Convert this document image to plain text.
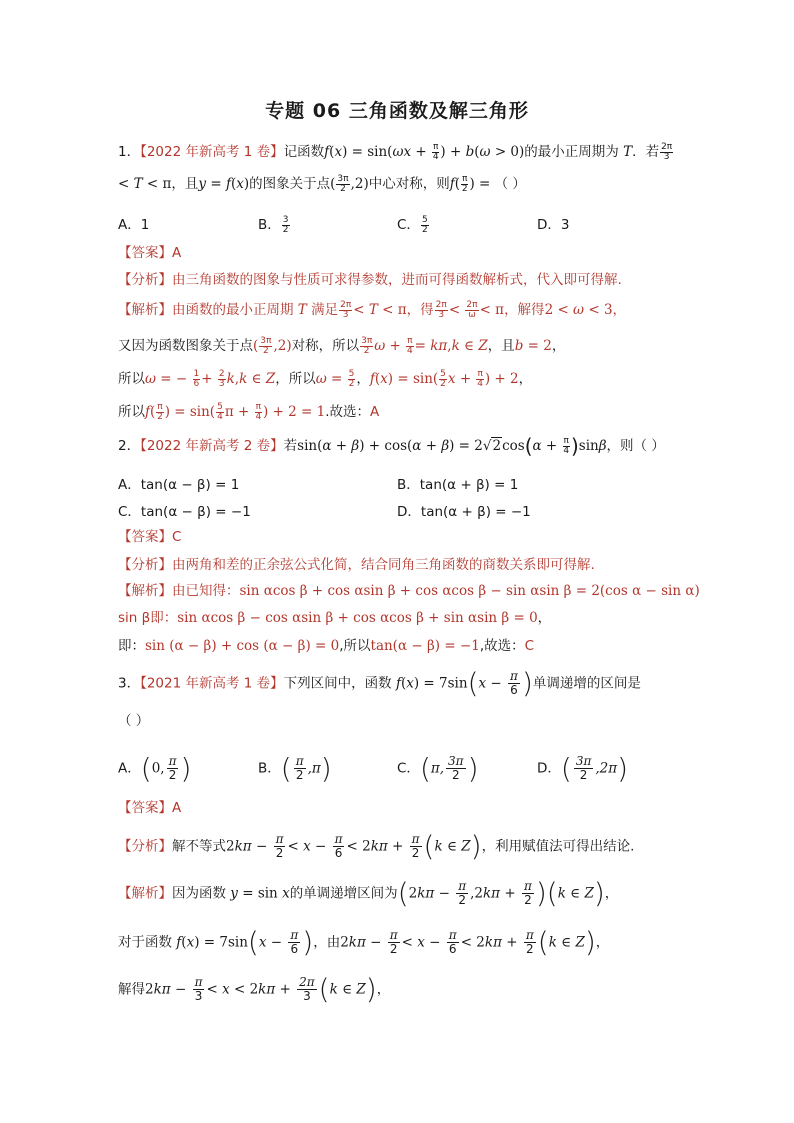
专题 06 三角函数及解三角形
1．【2022 年新高考 1 卷】记函数$f(x) = \sin(\omega x + \frac{\pi}{4}$ ) + b(ω > 0)的最小正周期为 T．若 $\frac{2\pi}{3}$
< T < π，且y = f(x)的图象关于点( $\frac{3\pi}{2} ,2$)中心对称，则$f( \frac{\pi}{2}$ ) = （ ）
A．1	B． $\frac{3}{2}$	C． $\frac{5}{2}$	D．3
【答案】A
【分析】由三角函数的图象与性质可求得参数，进而可得函数解析式，代入即可得解.
【解析】由函数的最小正周期 T 满足 $\frac{2\pi}{3} < T < \pi$，得 $\frac{2\pi}{3} < \frac{2\pi}{\omega} < \pi$，解得2 < ω < 3，
又因为函数图象关于点( $\frac{3\pi}{2} ,2$)对称，所以 $\frac{3\pi}{2}$ $\omega + \frac{\pi}{4} = k\pi,k$ ∈ Z，且b = 2，
所以ω = − $\frac{1}{6} + \frac{2}{3} k,k$ ∈ Z，所以$\omega = \frac{5}{2}$ ，$f(x) = \sin( \frac{5}{2}$ $x + \frac{\pi}{4}$ ) + 2，
所以$f( \frac{\pi}{2}$ ) = $\sin( \frac{5}{4}$ $\pi + \frac{\pi}{4}$ ) + 2 = 1.故选：A
2．【2022 年新高考 2 卷】若$\sin(\alpha + \beta) + \cos(\alpha + \beta) = 2√2\cos(\alpha + \frac{\pi}{4} )\sin\beta$，则（ ）
A．tan(α − β) = 1	B．tan(α + β) = 1
C．tan(α − β) = −1	D．tan(α + β) = −1
【答案】C
【分析】由两角和差的正余弦公式化简，结合同角三角函数的商数关系即可得解.
【解析】由已知得：sin αcos β + cos αsin β + cos αcos β − sin αsin β = 2(cos α − sin α)
sin β即：sin αcos β − cos αsin β + cos αcos β + sin αsin β = 0，
即：sin (α − β) + cos (α − β) = 0,所以tan(α − β) = −1,故选：C
3．【2021 年新高考 1 卷】下列区间中，函数 $f(x) = 7\sin(x - \frac{\pi}{6}$ )单调递增的区间是
（ ）
A．(0, $\frac{\pi}{2}$ )	B．( $\frac{\pi}{2} ,\pi$)	C．(π, $\frac{3\pi}{2}$ )	D．( $\frac{3\pi}{2} ,2\pi$)
【答案】A
【分析】解不等式$2k\pi - \frac{\pi}{2} < x - \frac{\pi}{6} < 2k\pi + \frac{\pi}{2} (k$ ∈ Z)，利用赋值法可得出结论.
【解析】因为函数 y = sin x的单调递增区间为$(2k\pi - \frac{\pi}{2} ,2k\pi + \frac{\pi}{2} )(k$ ∈ Z)，
对于函数 $f(x) = 7\sin(x - \frac{\pi}{6}$ )，由$2k\pi - \frac{\pi}{2} < x - \frac{\pi}{6} < 2k\pi + \frac{\pi}{2} (k$ ∈ Z)，
解得$2k\pi - \frac{\pi}{3} < x < 2k\pi + \frac{2\pi}{3} (k$ ∈ Z)，
